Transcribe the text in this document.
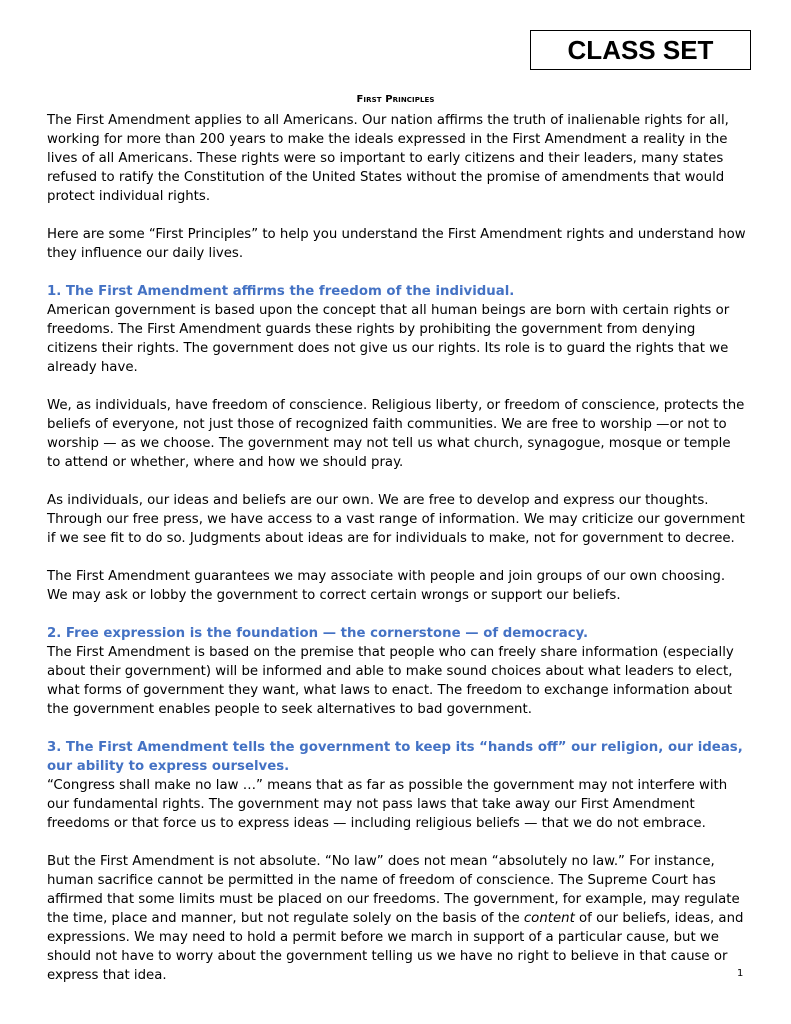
CLASS SET
First Principles

The First Amendment applies to all Americans. Our nation affirms the truth of inalienable rights for all, working for more than 200 years to make the ideals expressed in the First Amendment a reality in the lives of all Americans. These rights were so important to early citizens and their leaders, many states refused to ratify the Constitution of the United States without the promise of amendments that would protect individual rights.

Here are some “First Principles” to help you understand the First Amendment rights and understand how they influence our daily lives.

1. The First Amendment affirms the freedom of the individual.

American government is based upon the concept that all human beings are born with certain rights or freedoms. The First Amendment guards these rights by prohibiting the government from denying citizens their rights. The government does not give us our rights. Its role is to guard the rights that we already have.

We, as individuals, have freedom of conscience. Religious liberty, or freedom of conscience, protects the beliefs of everyone, not just those of recognized faith communities. We are free to worship —or not to worship — as we choose. The government may not tell us what church, synagogue, mosque or temple to attend or whether, where and how we should pray.

As individuals, our ideas and beliefs are our own. We are free to develop and express our thoughts. Through our free press, we have access to a vast range of information. We may criticize our government if we see fit to do so. Judgments about ideas are for individuals to make, not for government to decree.

The First Amendment guarantees we may associate with people and join groups of our own choosing. We may ask or lobby the government to correct certain wrongs or support our beliefs.

2. Free expression is the foundation — the cornerstone — of democracy.

The First Amendment is based on the premise that people who can freely share information (especially about their government) will be informed and able to make sound choices about what leaders to elect, what forms of government they want, what laws to enact. The freedom to exchange information about the government enables people to seek alternatives to bad government.

3. The First Amendment tells the government to keep its “hands off” our religion, our ideas, our ability to express ourselves.

“Congress shall make no law …” means that as far as possible the government may not interfere with our fundamental rights. The government may not pass laws that take away our First Amendment freedoms or that force us to express ideas — including religious beliefs — that we do not embrace.

But the First Amendment is not absolute. “No law” does not mean “absolutely no law.” For instance, human sacrifice cannot be permitted in the name of freedom of conscience. The Supreme Court has affirmed that some limits must be placed on our freedoms. The government, for example, may regulate the time, place and manner, but not regulate solely on the basis of the content of our beliefs, ideas, and expressions. We may need to hold a permit before we march in support of a particular cause, but we should not have to worry about the government telling us we have no right to believe in that cause or express that idea.	1
